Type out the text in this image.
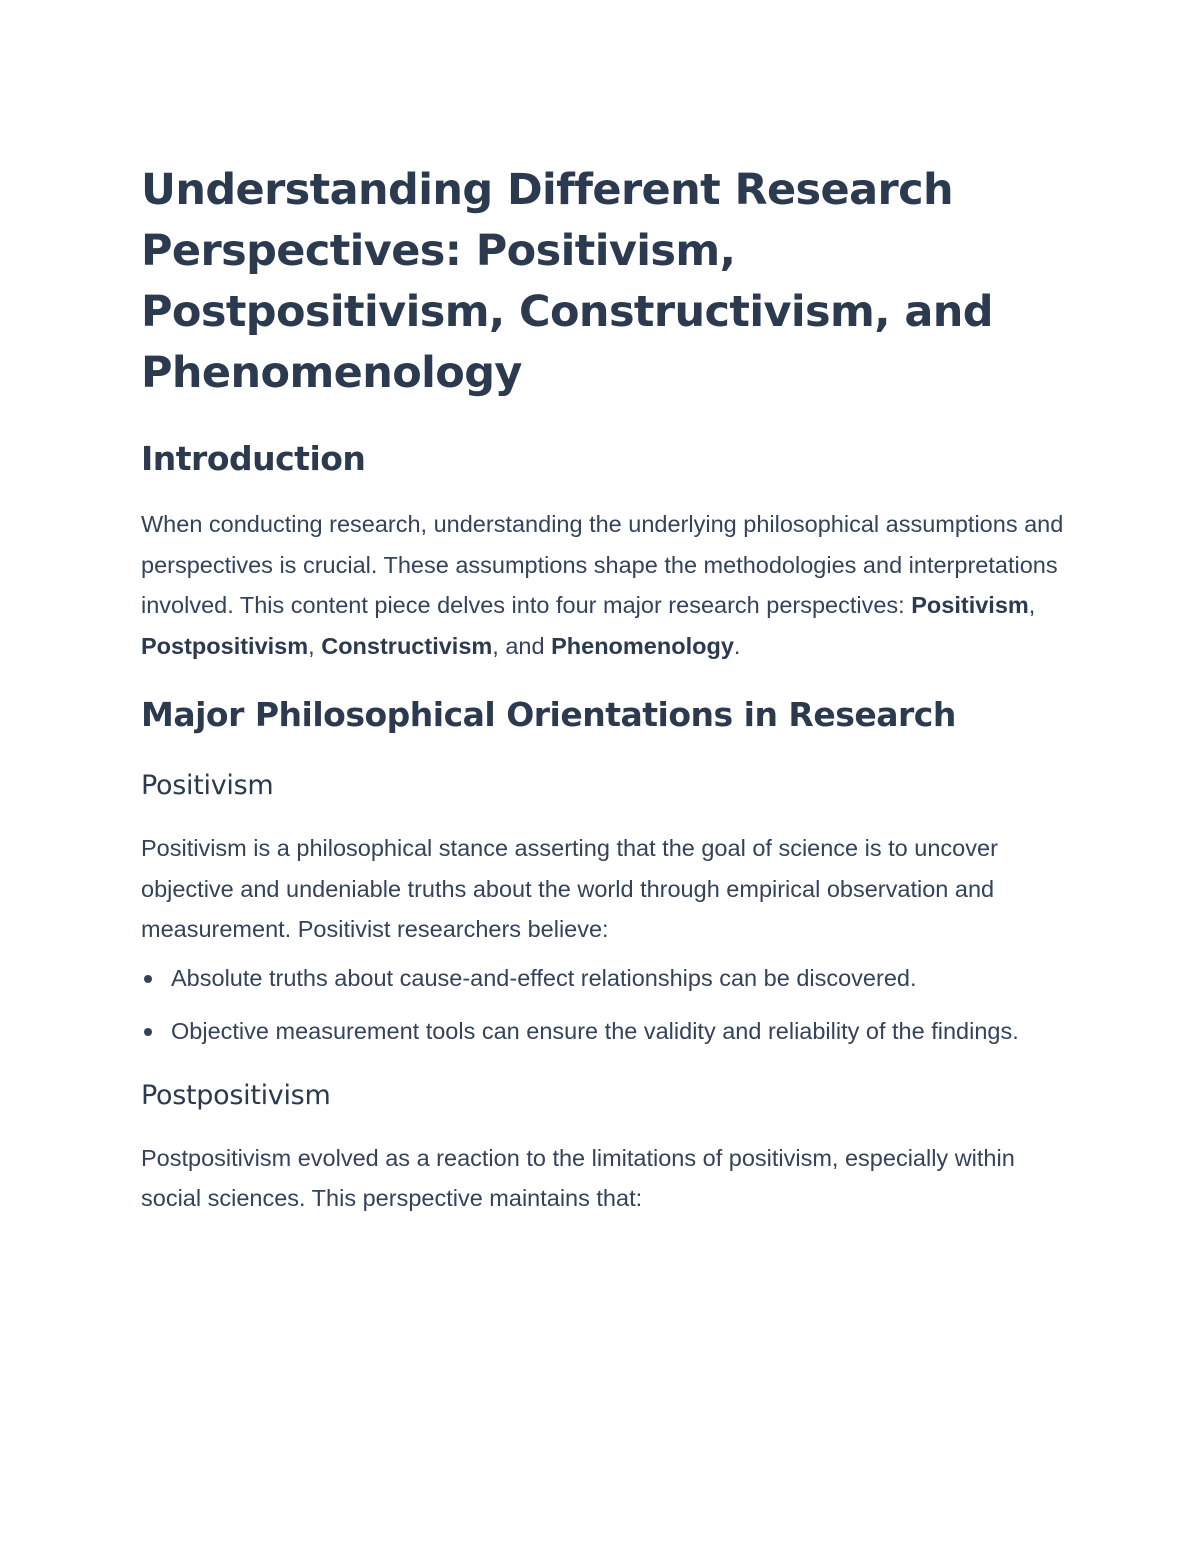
Understanding Different Research Perspectives: Positivism, Postpositivism, Constructivism, and Phenomenology
Introduction

When conducting research, understanding the underlying philosophical assumptions and perspectives is crucial. These assumptions shape the methodologies and interpretations involved. This content piece delves into four major research perspectives: Positivism, Postpositivism, Constructivism, and Phenomenology.

Major Philosophical Orientations in Research
Positivism

Positivism is a philosophical stance asserting that the goal of science is to uncover objective and undeniable truths about the world through empirical observation and measurement. Positivist researchers believe:

Absolute truths about cause-and-effect relationships can be discovered.
Objective measurement tools can ensure the validity and reliability of the findings.
Postpositivism

Postpositivism evolved as a reaction to the limitations of positivism, especially within social sciences. This perspective maintains that:
